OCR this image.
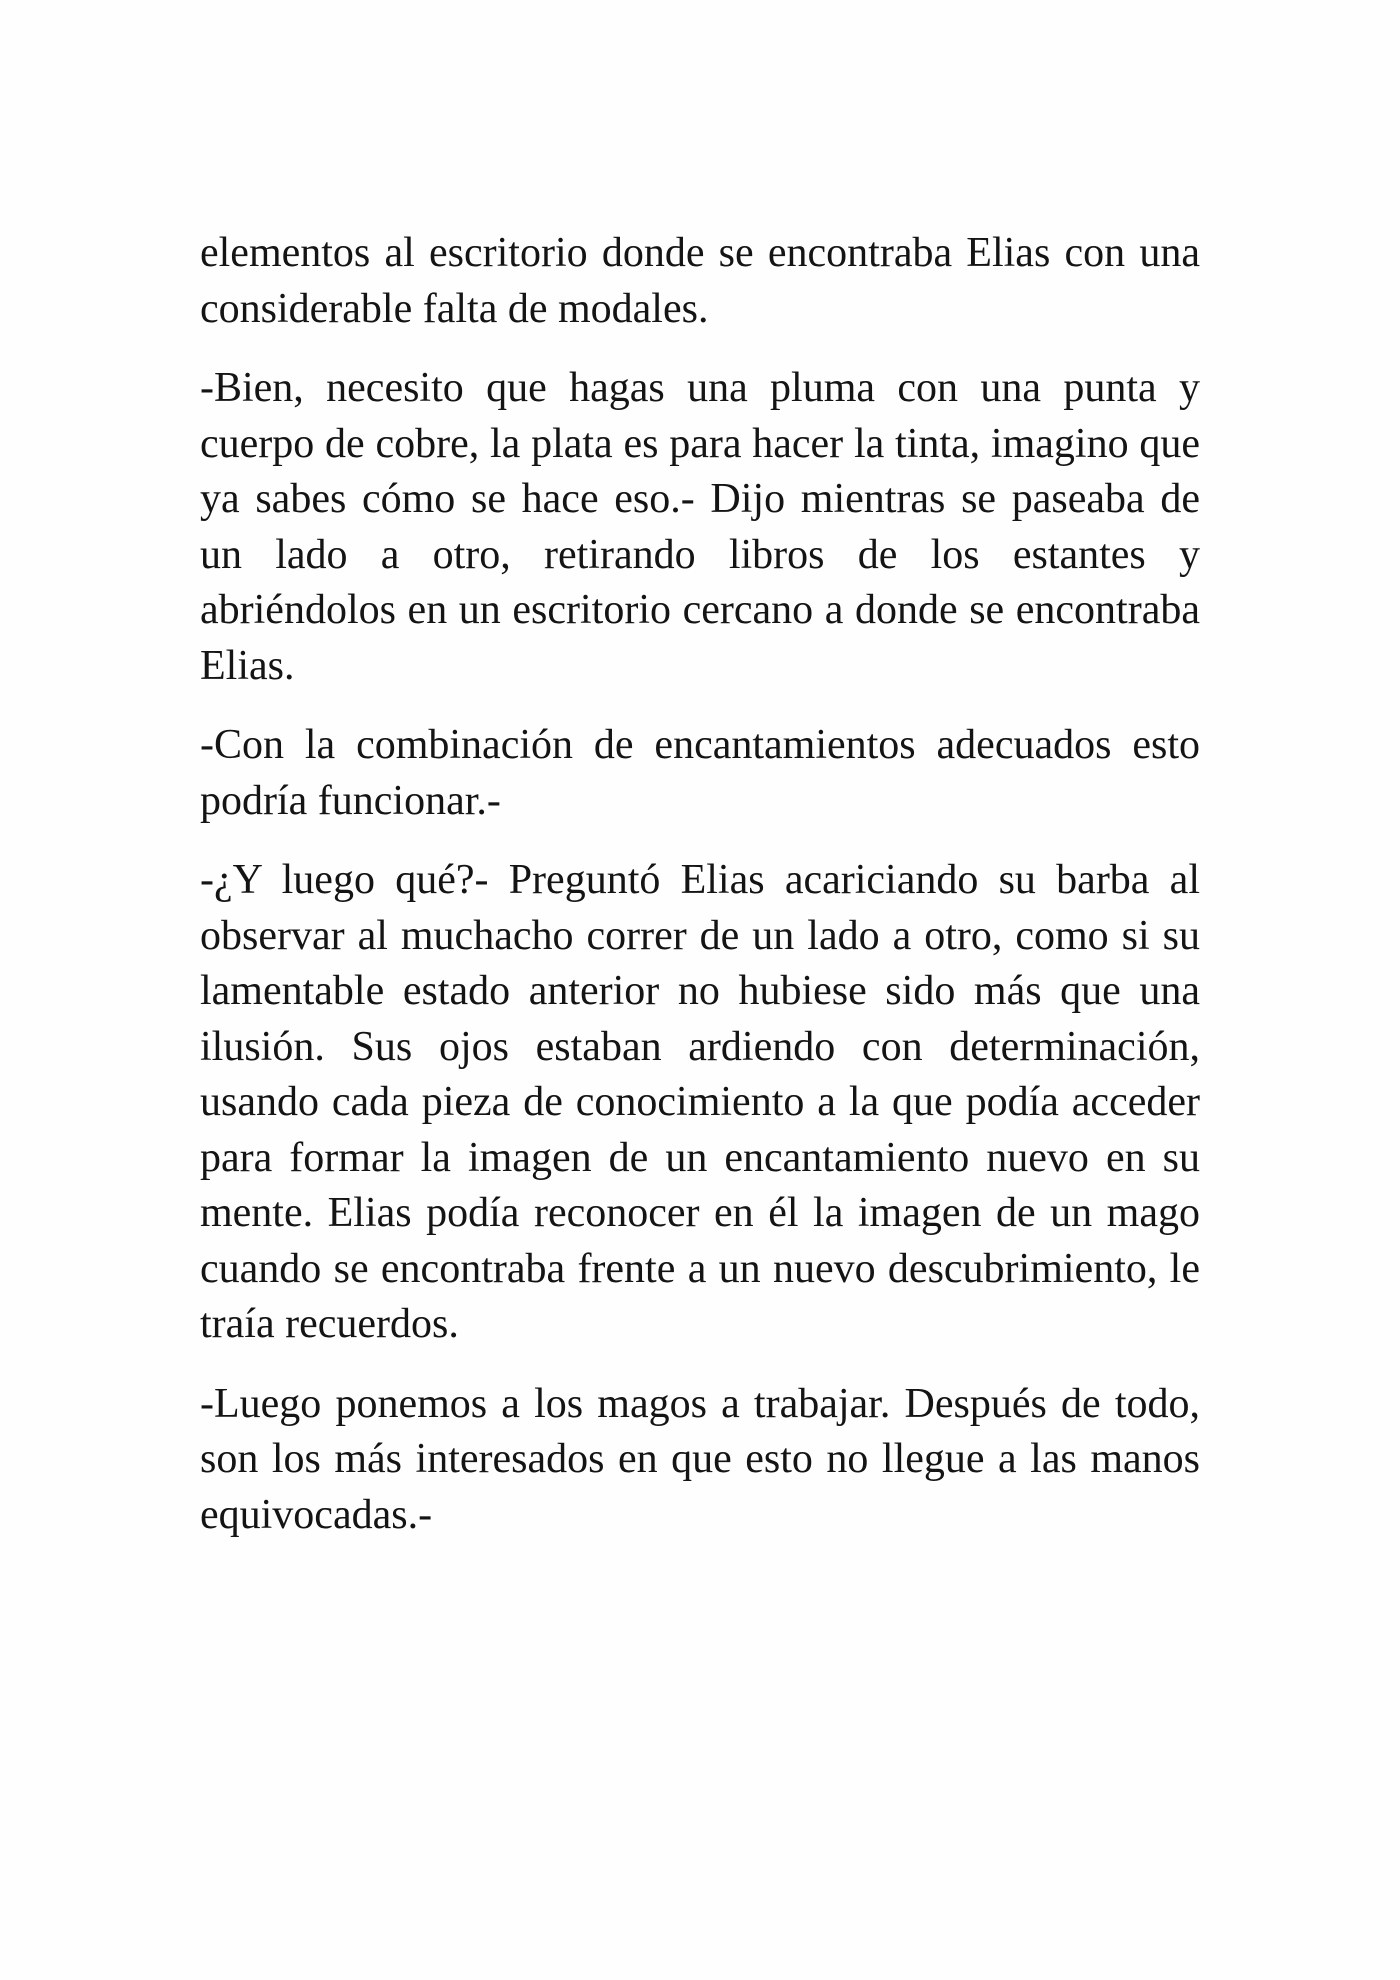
elementos al escritorio donde se encontraba Elias con una considerable falta de modales.

-Bien, necesito que hagas una pluma con una punta y cuerpo de cobre, la plata es para hacer la tinta, imagino que ya sabes cómo se hace eso.- Dijo mientras se paseaba de un lado a otro, retirando libros de los estantes y abriéndolos en un escritorio cercano a donde se encontraba Elias.

-Con la combinación de encantamientos adecuados esto podría funcionar.-

-¿Y luego qué?- Preguntó Elias acariciando su barba al observar al muchacho correr de un lado a otro, como si su lamentable estado anterior no hubiese sido más que una ilusión. Sus ojos estaban ardiendo con determinación, usando cada pieza de conocimiento a la que podía acceder para formar la imagen de un encantamiento nuevo en su mente. Elias podía reconocer en él la imagen de un mago cuando se encontraba frente a un nuevo descubrimiento, le traía recuerdos.

-Luego ponemos a los magos a trabajar. Después de todo, son los más interesados en que esto no llegue a las manos equivocadas.-
